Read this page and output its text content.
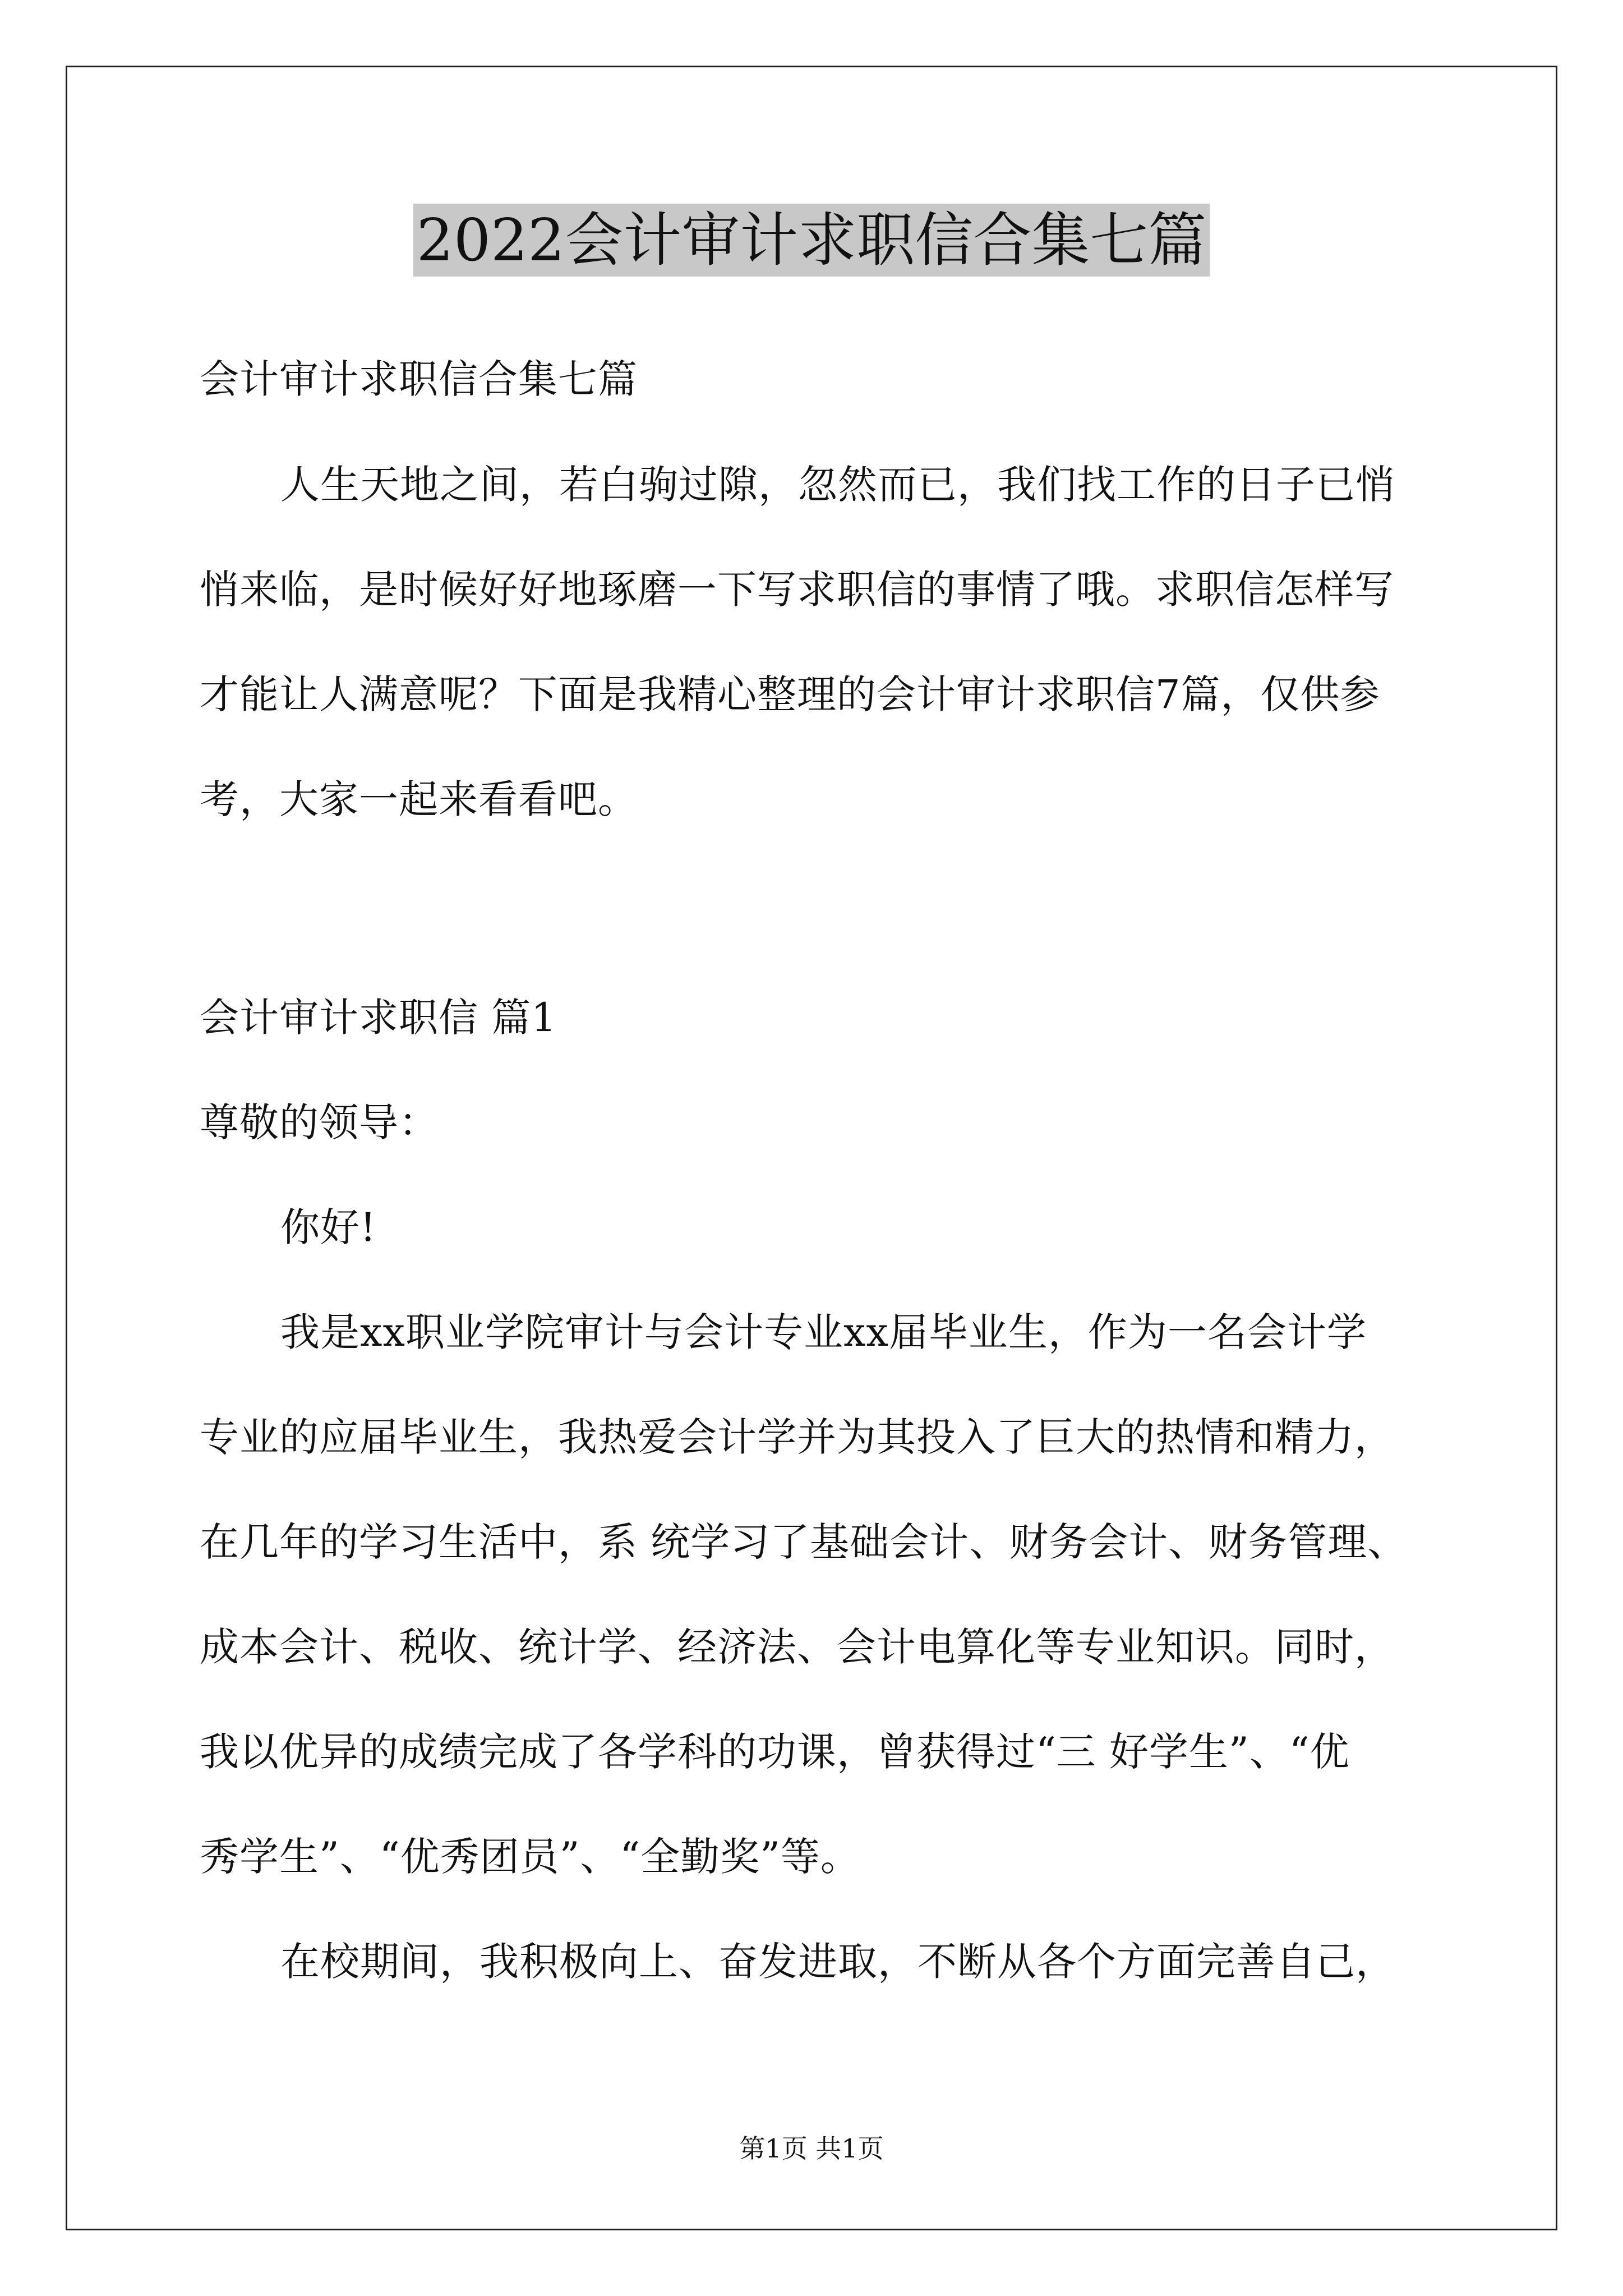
2022会计审计求职信合集七篇
会计审计求职信合集七篇
人生天地之间，若白驹过隙，忽然而已，我们找工作的日子已悄
悄来临，是时候好好地琢磨一下写求职信的事情了哦。求职信怎样写
才能让人满意呢？下面是我精心整理的会计审计求职信7篇，仅供参
考，大家一起来看看吧。
会计审计求职信 篇1
尊敬的领导：
你好!
我是xx职业学院审计与会计专业xx届毕业生，作为一名会计学
专业的应届毕业生，我热爱会计学并为其投入了巨大的热情和精力，
在几年的学习生活中，系 统学习了基础会计、财务会计、财务管理、
成本会计、税收、统计学、经济法、会计电算化等专业知识。同时，
我以优异的成绩完成了各学科的功课，曾获得过“三 好学生”、“优
秀学生”、“优秀团员”、“全勤奖”等。
在校期间，我积极向上、奋发进取，不断从各个方面完善自己，
第1页 共1页
